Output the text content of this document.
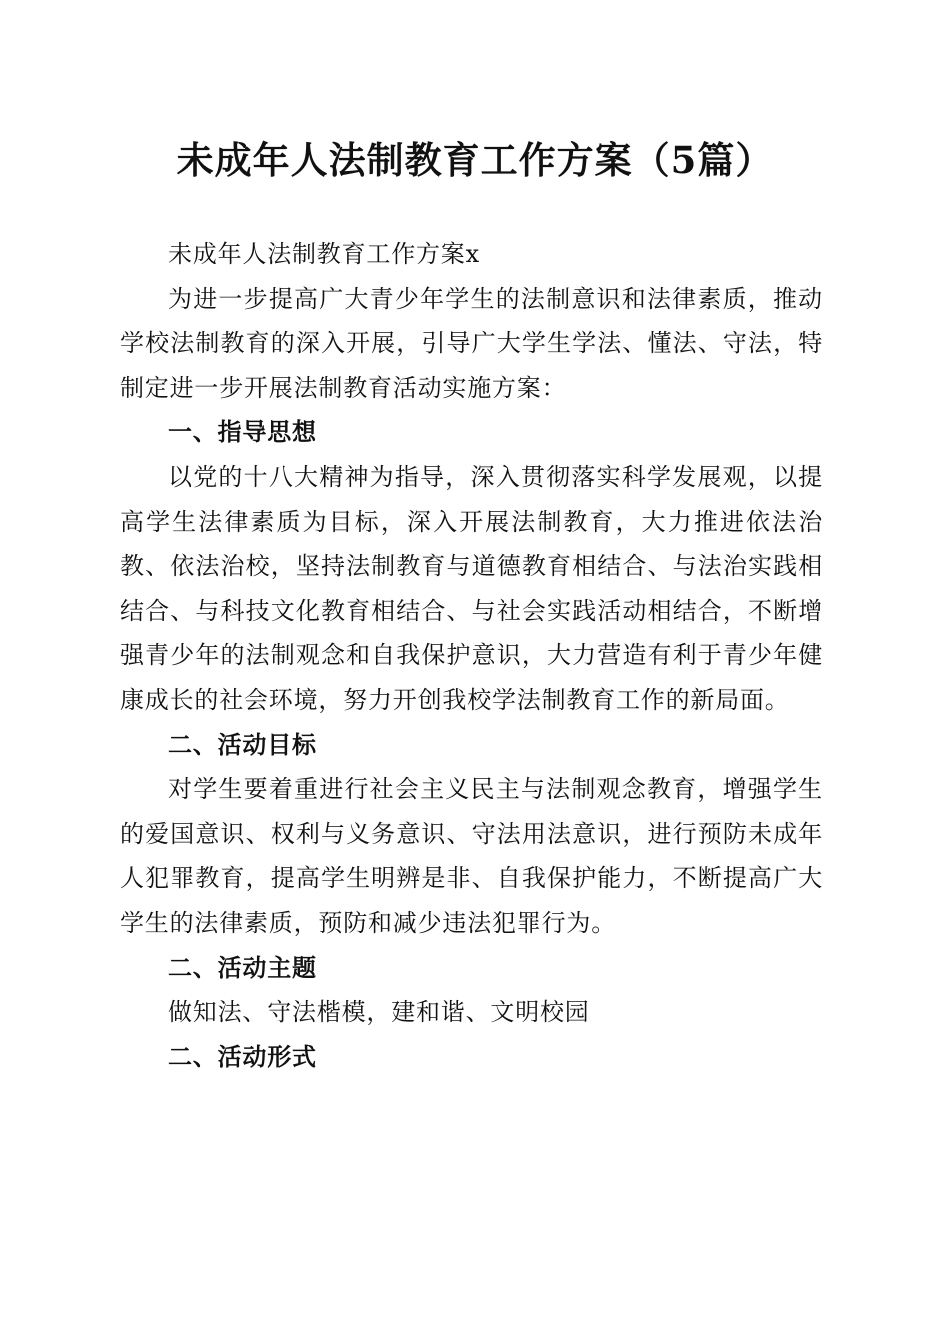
未成年人法制教育工作方案（5篇）

未成年人法制教育工作方案x

为进一步提高广大青少年学生的法制意识和法律素质，推动学校法制教育的深入开展，引导广大学生学法、懂法、守法，特制定进一步开展法制教育活动实施方案：

一、指导思想

以党的十八大精神为指导，深入贯彻落实科学发展观，以提高学生法律素质为目标，深入开展法制教育，大力推进依法治教、依法治校，坚持法制教育与道德教育相结合、与法治实践相结合、与科技文化教育相结合、与社会实践活动相结合，不断增强青少年的法制观念和自我保护意识，大力营造有利于青少年健康成长的社会环境，努力开创我校学法制教育工作的新局面。

二、活动目标

对学生要着重进行社会主义民主与法制观念教育，增强学生的爱国意识、权利与义务意识、守法用法意识，进行预防未成年人犯罪教育，提高学生明辨是非、自我保护能力，不断提高广大学生的法律素质，预防和减少违法犯罪行为。

二、活动主题

做知法、守法楷模，建和谐、文明校园

二、活动形式
